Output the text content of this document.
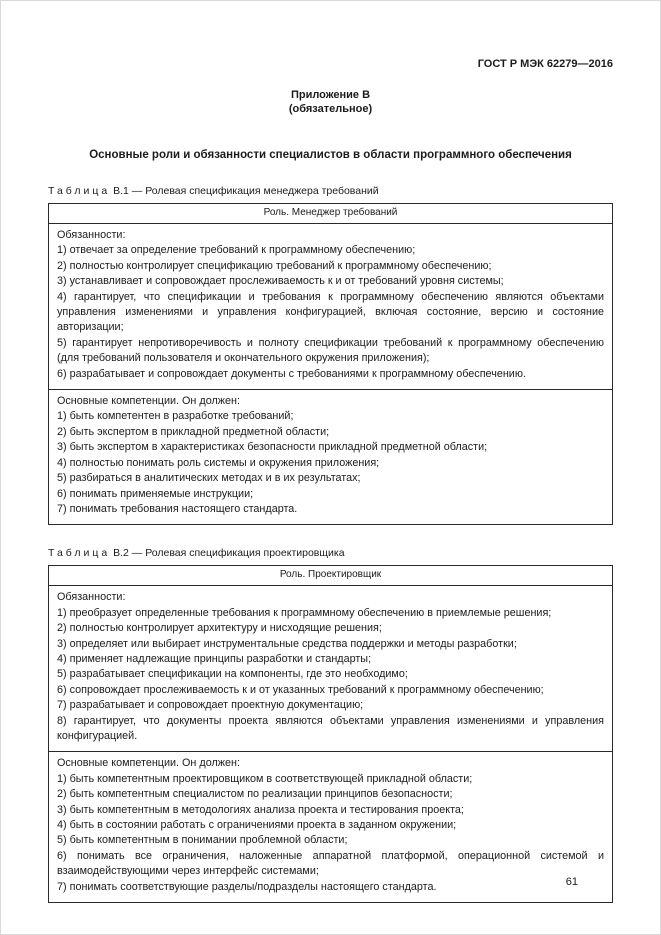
ГОСТ Р МЭК 62279—2016
Приложение В
(обязательное)
Основные роли и обязанности специалистов в области программного обеспечения

Таблица В.1 — Ролевая спецификация менеджера требований

Роль. Менеджер требований

Обязанности:

1) отвечает за определение требований к программному обеспечению;

2) полностью контролирует спецификацию требований к программному обеспечению;

3) устанавливает и сопровождает прослеживаемость к и от требований уровня системы;

4) гарантирует, что спецификации и требования к программному обеспечению являются объектами управления изменениями и управления конфигурацией, включая состояние, версию и состояние авторизации;

5) гарантирует непротиворечивость и полноту спецификации требований к программному обеспечению (для требований пользователя и окончательного окружения приложения);

6) разрабатывает и сопровождает документы с требованиями к программному обеспечению.

Основные компетенции. Он должен:

1) быть компетентен в разработке требований;

2) быть экспертом в прикладной предметной области;

3) быть экспертом в характеристиках безопасности прикладной предметной области;

4) полностью понимать роль системы и окружения приложения;

5) разбираться в аналитических методах и в их результатах;

6) понимать применяемые инструкции;

7) понимать требования настоящего стандарта.

Таблица В.2 — Ролевая спецификация проектировщика

Роль. Проектировщик

Обязанности:

1) преобразует определенные требования к программному обеспечению в приемлемые решения;

2) полностью контролирует архитектуру и нисходящие решения;

3) определяет или выбирает инструментальные средства поддержки и методы разработки;

4) применяет надлежащие принципы разработки и стандарты;

5) разрабатывает спецификации на компоненты, где это необходимо;

6) сопровождает прослеживаемость к и от указанных требований к программному обеспечению;

7) разрабатывает и сопровождает проектную документацию;

8) гарантирует, что документы проекта являются объектами управления изменениями и управления конфигурацией.

Основные компетенции. Он должен:

1) быть компетентным проектировщиком в соответствующей прикладной области;

2) быть компетентным специалистом по реализации принципов безопасности;

3) быть компетентным в методологиях анализа проекта и тестирования проекта;

4) быть в состоянии работать с ограничениями проекта в заданном окружении;

5) быть компетентным в понимании проблемной области;

6) понимать все ограничения, наложенные аппаратной платформой, операционной системой и взаимодействующими через интерфейс системами;

7) понимать соответствующие разделы/подразделы настоящего стандарта.	61
